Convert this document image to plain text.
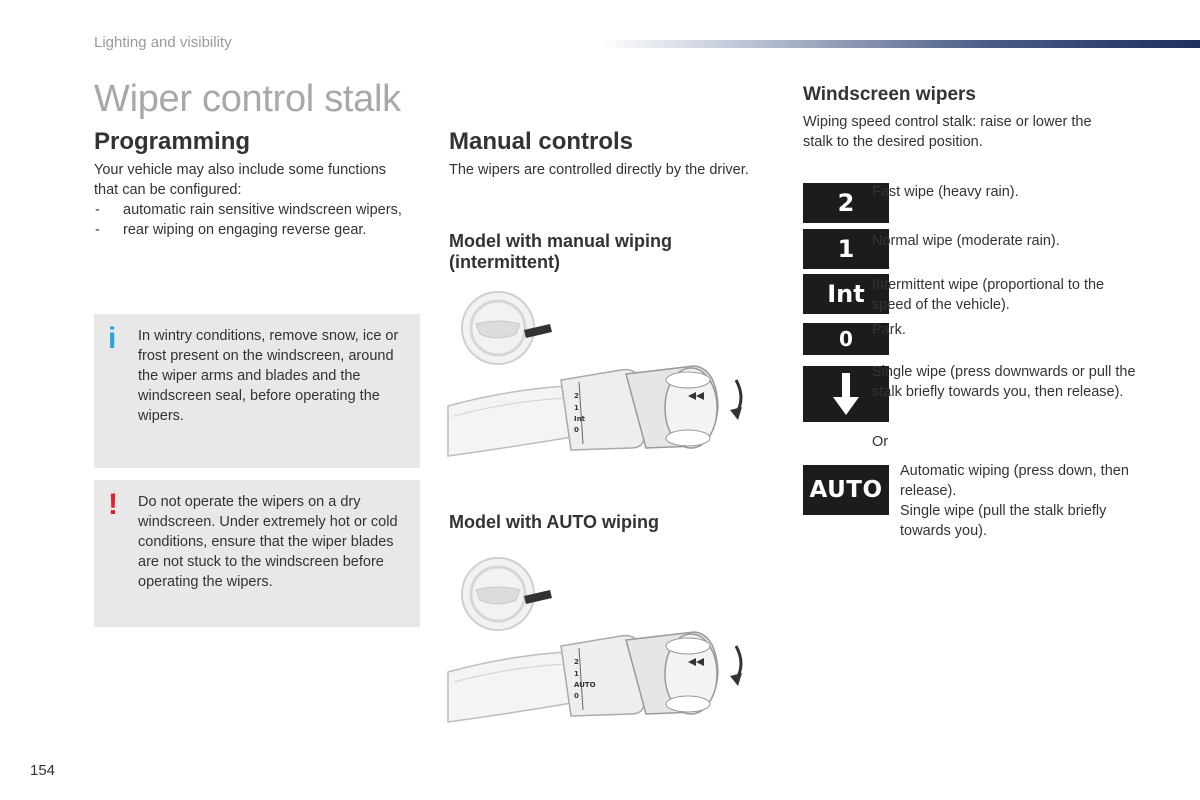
Lighting and visibility
Wiper control stalk
Programming

Your vehicle may also include some functions that can be configured:

- automatic rain sensitive windscreen wipers,
- rear wiping on engaging reverse gear.
i In wintry conditions, remove snow, ice or frost present on the windscreen, around the wiper arms and blades and the windscreen seal, before operating the wipers.
! Do not operate the wipers on a dry windscreen. Under extremely hot or cold conditions, ensure that the wiper blades are not stuck to the windscreen before operating the wipers.
Manual controls

The wipers are controlled directly by the driver.

Model with manual wiping (intermittent)
2
1
Int
0
Model with AUTO wiping
2
1
AUTO
0
Windscreen wipers

Wiping speed control stalk: raise or lower the stalk to the desired position.

2	Fast wipe (heavy rain).
1	Normal wipe (moderate rain).
Int Intermittent wipe (proportional to the speed of the vehicle).
0	Park.
Single wipe (press downwards or pull the stalk briefly towards you, then release).
Or
AUTO
Automatic wiping (press down, then release).
Single wipe (pull the stalk briefly towards you).
154
